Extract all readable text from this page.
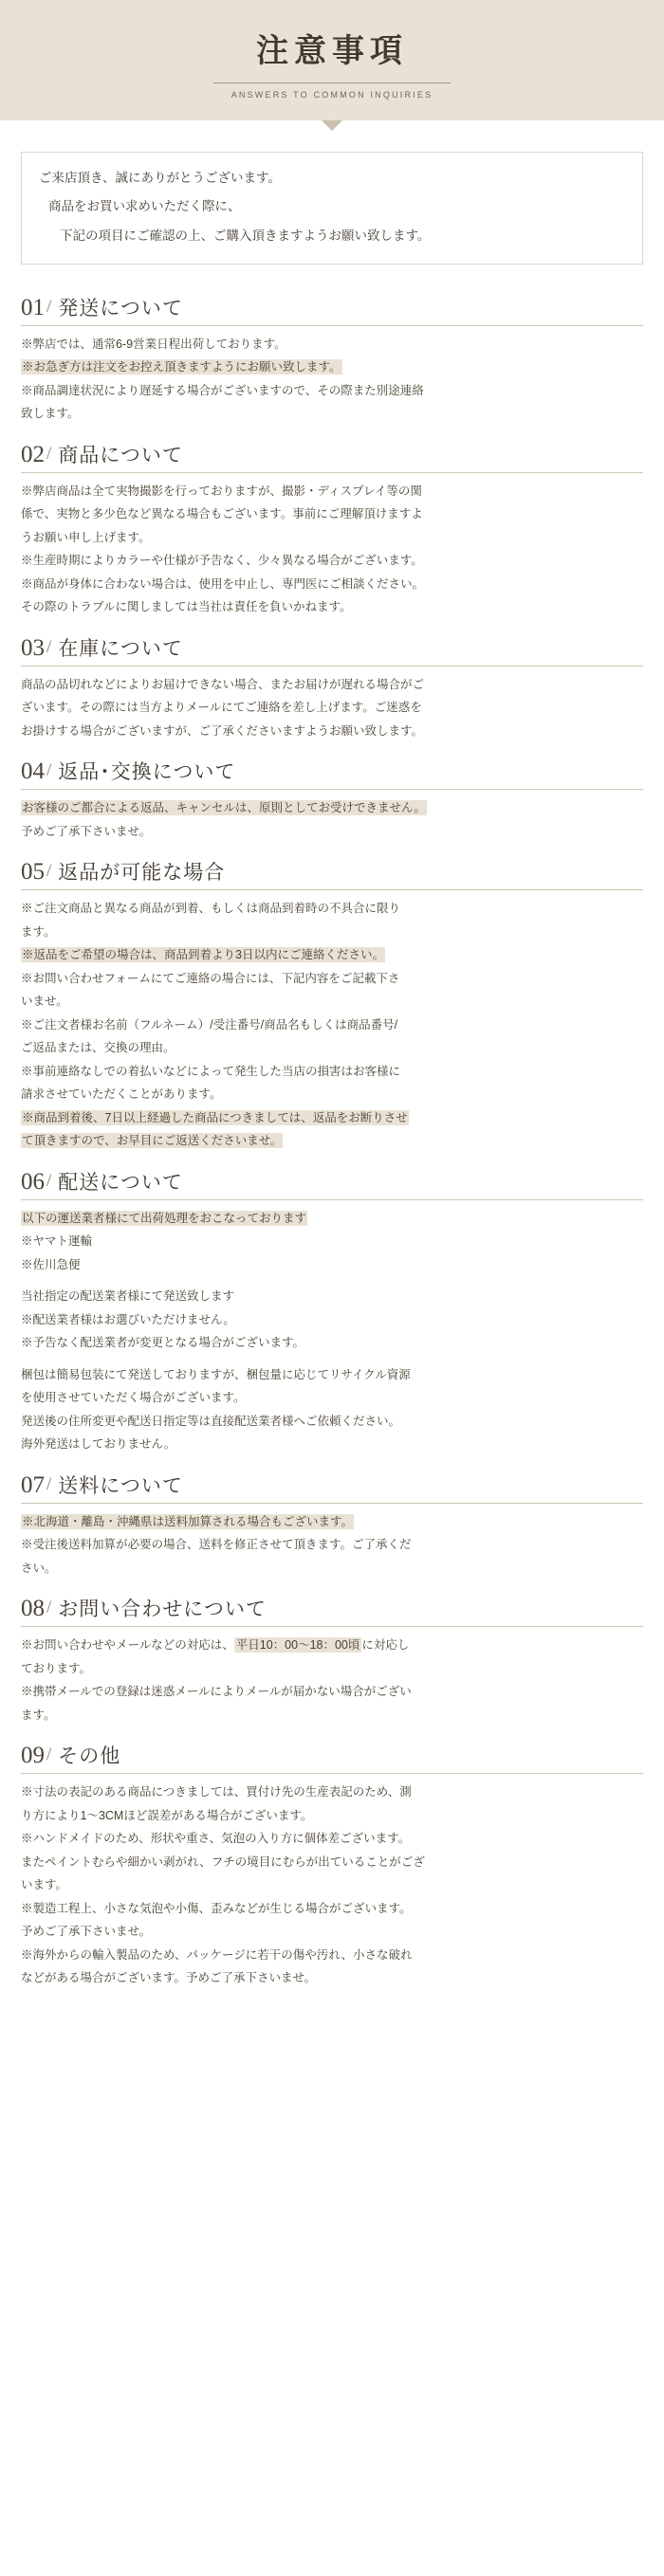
注意事項
ANSWERS TO COMMON INQUIRIES

ご来店頂き、誠にありがとうございます。

商品をお買い求めいただく際に、

下記の項目にご確認の上、ご購入頂きますようお願い致します。

01 / 発送について

※弊店では、通常6-9営業日程出荷しております。

※お急ぎ方は注文をお控え頂きますようにお願い致します。

※商品調達状況により遅延する場合がございますので、その際また別途連絡

致します。

02 / 商品について

※弊店商品は全て実物撮影を行っておりますが、撮影・ディスプレイ等の関

係で、実物と多少色など異なる場合もございます。事前にご理解頂けますよ

うお願い申し上げます。

※生産時期によりカラーや仕様が予告なく、少々異なる場合がございます。

※商品が身体に合わない場合は、使用を中止し、専門医にご相談ください。

その際のトラブルに関しましては当社は責任を負いかねます。

03 / 在庫について

商品の品切れなどによりお届けできない場合、またお届けが遅れる場合がご

ざいます。その際には当方よりメールにてご連絡を差し上げます。ご迷惑を

お掛けする場合がございますが、ご了承くださいますようお願い致します。

04 / 返品･交換について

お客様のご都合による返品、キャンセルは、原則としてお受けできません。

予めご了承下さいませ。

05 / 返品が可能な場合

※ご注文商品と異なる商品が到着、もしくは商品到着時の不具合に限り

ます。

※返品をご希望の場合は、商品到着より3日以内にご連絡ください。

※お問い合わせフォームにてご連絡の場合には、下記内容をご記載下さ

いませ。

※ご注文者様お名前（フルネーム）/受注番号/商品名もしくは商品番号/

ご返品または、交換の理由。

※事前連絡なしでの着払いなどによって発生した当店の損害はお客様に

請求させていただくことがあります。

※商品到着後、7日以上経過した商品につきましては、返品をお断りさせ

て頂きますので、お早目にご返送くださいませ。

06 / 配送について

以下の運送業者様にて出荷処理をおこなっております

※ヤマト運輸

※佐川急便

当社指定の配送業者様にて発送致します

※配送業者様はお選びいただけません。

※予告なく配送業者が変更となる場合がございます。

梱包は簡易包装にて発送しておりますが、梱包量に応じてリサイクル資源

を使用させていただく場合がございます。

発送後の住所変更や配送日指定等は直接配送業者様へご依頼ください。

海外発送はしておりません。

07 / 送料について

※北海道・離島・沖縄県は送料加算される場合もございます。

※受注後送料加算が必要の場合、送料を修正させて頂きます。ご了承くだ

さい。

08 / お問い合わせについて

※お問い合わせやメールなどの対応は、 平日10：00～18：00頃 に対応し

ております。

※携帯メールでの登録は迷惑メールによりメールが届かない場合がござい

ます。

09 / その他

※寸法の表記のある商品につきましては、買付け先の生産表記のため、測

り方により1～3CMほど誤差がある場合がございます。

※ハンドメイドのため、形状や重さ、気泡の入り方に個体差ございます。

またペイントむらや細かい剥がれ、フチの境目にむらが出ていることがござ

います。

※製造工程上、小さな気泡や小傷、歪みなどが生じる場合がございます。

予めご了承下さいませ。

※海外からの輸入製品のため、パッケージに若干の傷や汚れ、小さな破れ

などがある場合がございます。予めご了承下さいませ。
